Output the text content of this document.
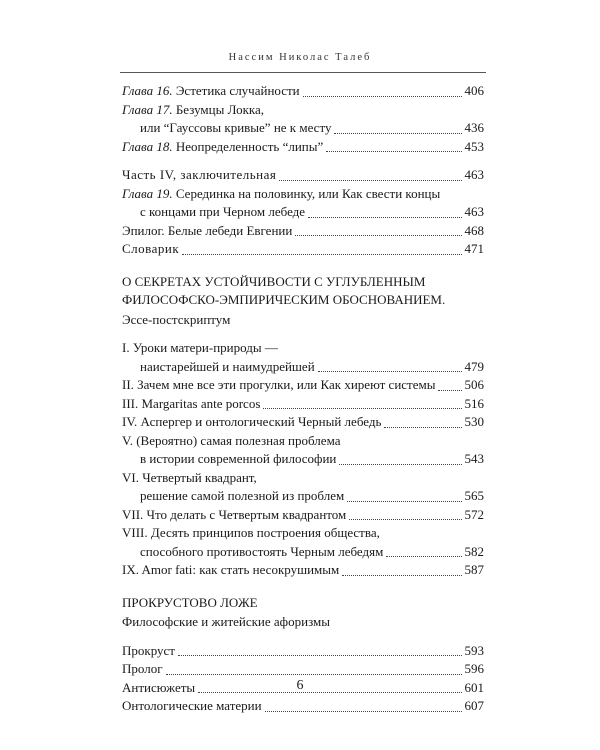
Нассим Николас Талеб
Глава 16. Эстетика случайности	406
Глава 17. Безумцы Локка,
или “Гауссовы кривые” не к месту	436
Глава 18. Неопределенность “липы”	453
Часть IV, заключительная	463
Глава 19. Серединка на половинку, или Как свести концы
с концами при Черном лебеде	463
Эпилог. Белые лебеди Евгении	468
Словарик	471
О СЕКРЕТАХ УСТОЙЧИВОСТИ С УГЛУБЛЕННЫМ
ФИЛОСОФСКО-ЭМПИРИЧЕСКИМ ОБОСНОВАНИЕМ.
Эссе-постскриптум
I. Уроки матери-природы —
наистарейшей и наимудрейшей	479
II. Зачем мне все эти прогулки, или Как хиреют системы 506
III. Margaritas ante porcos	516
IV. Аспергер и онтологический Черный лебедь	530
V. (Вероятно) самая полезная проблема
в истории современной философии	543
VI. Четвертый квадрант,
решение самой полезной из проблем	565
VII. Что делать с Четвертым квадрантом	572
VIII. Десять принципов построения общества,
способного противостоять Черным лебедям	582
IX. Amor fati: как стать несокрушимым	587
ПРОКРУСТОВО ЛОЖЕ
Философские и житейские афоризмы
Прокруст	593
Пролог	596
Антисюжеты	601
Онтологические материи	607
6
